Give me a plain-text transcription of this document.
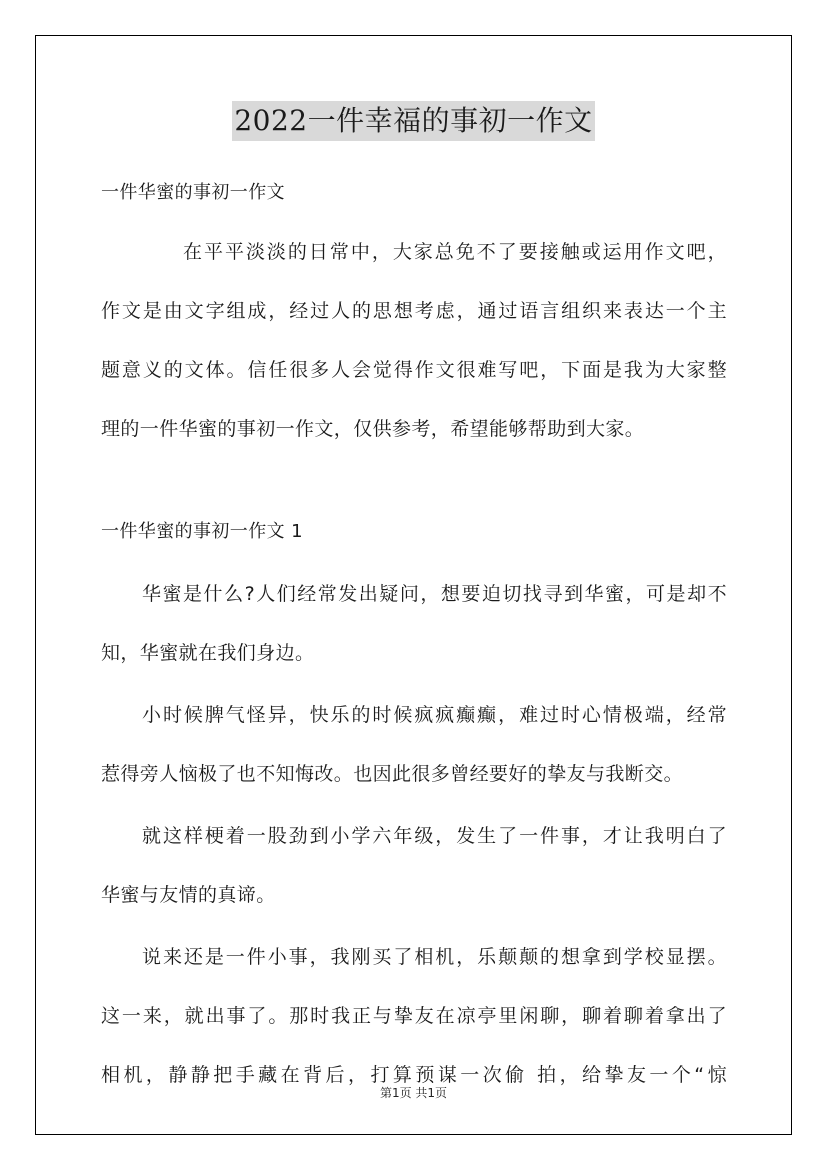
2022一件幸福的事初一作文
一件华蜜的事初一作文
在平平淡淡的日常中，大家总免不了要接触或运用作文吧，
作文是由文字组成，经过人的思想考虑，通过语言组织来表达一个主
题意义的文体。信任很多人会觉得作文很难写吧，下面是我为大家整
理的一件华蜜的事初一作文，仅供参考，希望能够帮助到大家。
一件华蜜的事初一作文 1
华蜜是什么?人们经常发出疑问，想要迫切找寻到华蜜，可是却不
知，华蜜就在我们身边。
小时候脾气怪异，快乐的时候疯疯癫癫，难过时心情极端，经常
惹得旁人恼极了也不知悔改。也因此很多曾经要好的挚友与我断交。
就这样梗着一股劲到小学六年级，发生了一件事，才让我明白了
华蜜与友情的真谛。
说来还是一件小事，我刚买了相机，乐颠颠的想拿到学校显摆。
这一来，就出事了。那时我正与挚友在凉亭里闲聊，聊着聊着拿出了
相机，静静把手藏在背后，打算预谋一次偷 拍，给挚友一个“惊
第1页 共1页
